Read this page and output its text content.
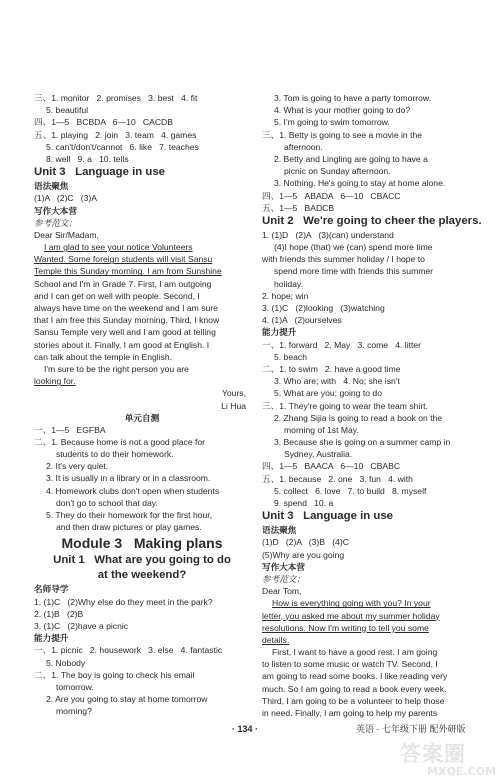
三、1. monitor   2. promises   3. best   4. fit
5. beautiful
四、1—5   BCBDA   6—10   CACDB
五、1. playing   2. join   3. team   4. games
5. can't/don't/cannot   6. like   7. teaches
8. well   9. a   10. tells
Unit 3   Language in use
语法聚焦
(1)A   (2)C   (3)A
写作大本营
参考范文：
Dear Sir/Madam,
I am glad to see your notice Volunteers
Wanted. Some foreign students will visit Sansu
Temple this Sunday morning. I am from Sunshine
School and I'm in Grade 7. First, I am outgoing
and I can get on well with people. Second, I
always have time on the weekend and I am sure
that I am free this Sunday morning. Third, I know
Sansu Temple very well and I am good at telling
stories about it. Finally, I am good at English. I
can talk about the temple in English.
I'm sure to be the right person you are
looking for.
Yours,
Li Hua
单元自测
一、1—5   EGFBA
二、1. Because home is not a good place for
students to do their homework.
2. It's very quiet.
3. It is usually in a library or in a classroom.
4. Homework clubs don't open when students
don't go to school that day.
5. They do their homework for the first hour,
and then draw pictures or play games.
Module 3   Making plans
Unit 1   What are you going to do
at the weekend?
名师导学
1. (1)C   (2)Why else do they meet in the park?
2. (1)B   (2)B
3. (1)C   (2)have a picnic
能力提升
一、1. picnic   2. housework   3. else   4. fantastic
5. Nobody
二、1. The boy is going to check his email
tomorrow.
2. Are you going to stay at home tomorrow
morning?
3. Tom is going to have a party tomorrow.
4. What is your mother going to do?
5. I'm going to swim tomorrow.
三、1. Betty is going to see a movie in the
afternoon.
2. Betty and Lingling are going to have a
picnic on Sunday afternoon.
3. Nothing. He's going to stay at home alone.
四、1—5   ABADA   6—10   CBACC
五、1—5   BADCB
Unit 2   We're going to cheer the players.
1. (1)D   (2)A   (3)(can) understand
(4)I hope (that) we (can) spend more time
with friends this summer holiday / I hope to
spend more time with friends this summer
holiday.
2. hope; win
3. (1)C   (2)looking   (3)watching
4. (1)A   (2)ourselves
能力提升
一、1. forward   2. May   3. come   4. litter
5. beach
二、1. to swim   2. have a good time
3. Who are; with   4. No; she isn't
5. What are you; going to do
三、1. They're going to wear the team shirt.
2. Zhang Sijia is going to read a book on the
morning of 1st May.
3. Because she is going on a summer camp in
Sydney, Australia.
四、1—5   BAACA   6—10   CBABC
五、1. because   2. one   3. fun   4. with
5. collect   6. love   7. to build   8. myself
9. spend   10. a
Unit 3   Language in use
语法聚焦
(1)D   (2)A   (3)B   (4)C
(5)Why are you going
写作大本营
参考范文：
Dear Tom,
How is everything going with you? In your
letter, you asked me about my summer holiday
resolutions. Now I'm writing to tell you some
details.
First, I want to have a good rest. I am going
to listen to some music or watch TV. Second, I
am going to read some books. I like reading very
much. So I am going to read a book every week.
Third, I am going to be a volunteer to help those
in need. Finally, I am going to help my parents
· 134 ·	英语 · 七年级下册 配外研版
答案圈
MXQE.COM
